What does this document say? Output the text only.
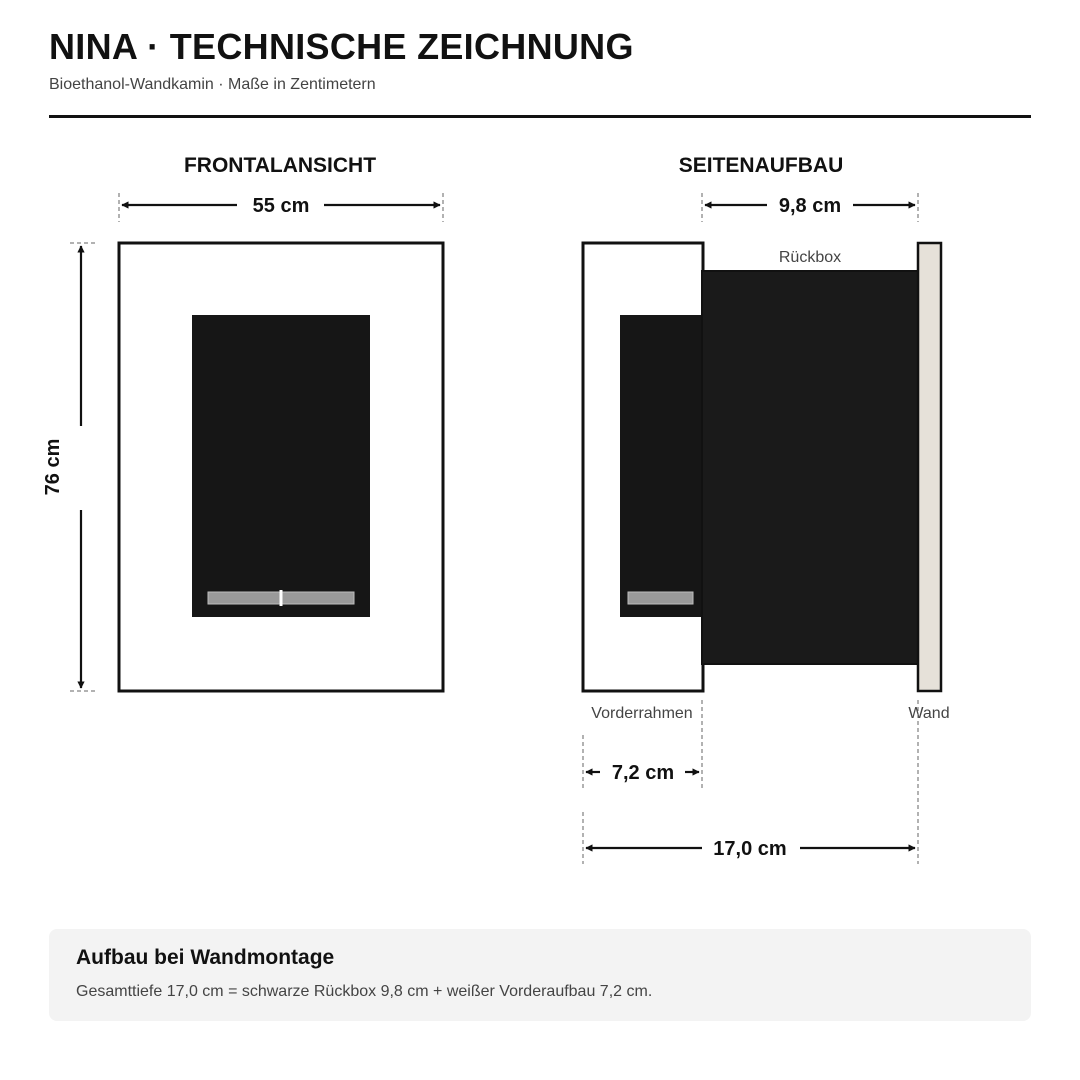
NINA · TECHNISCHE ZEICHNUNG
Bioethanol-Wandkamin · Maße in Zentimetern
FRONTALANSICHT
55 cm
76 cm
SEITENAUFBAU
9,8 cm
Rückbox
Vorderrahmen	Wand
7,2 cm
17,0 cm
Aufbau bei Wandmontage
Gesamttiefe 17,0 cm = schwarze Rückbox 9,8 cm + weißer Vorderaufbau 7,2 cm.
